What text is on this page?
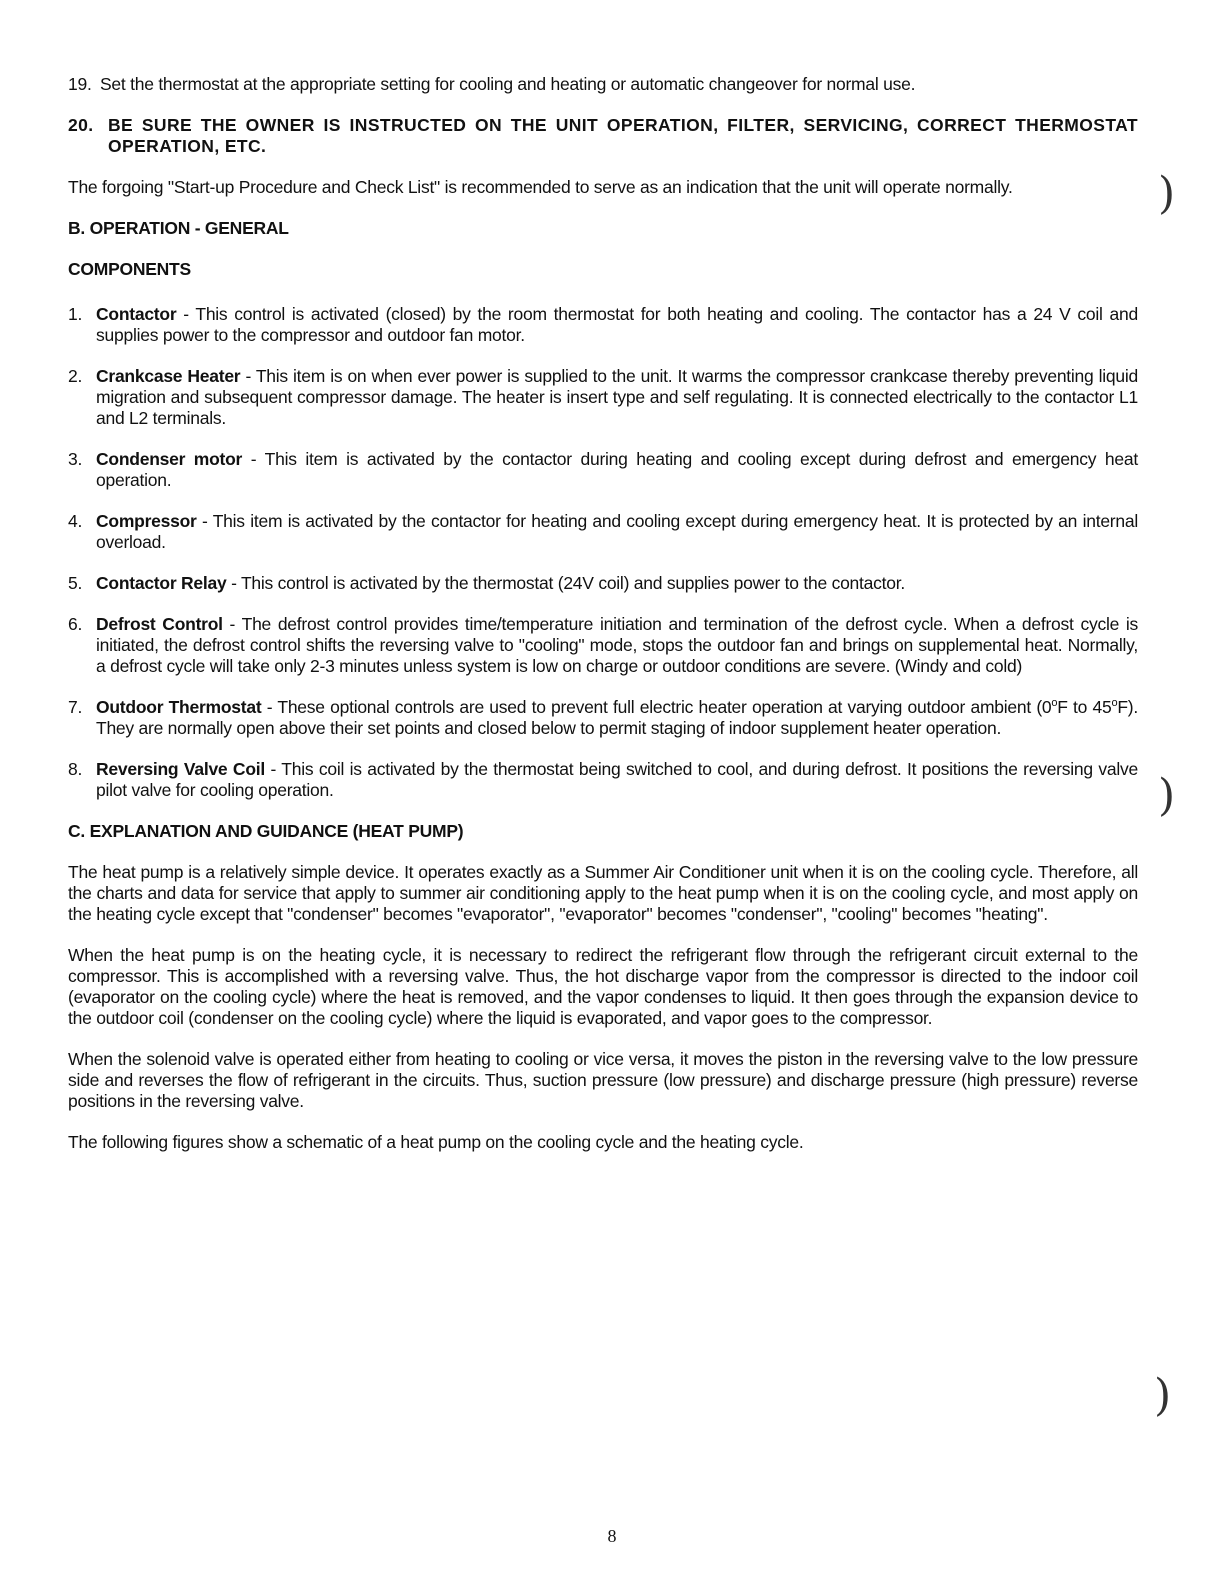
)
)
)
19. Set the thermostat at the appropriate setting for cooling and heating or automatic changeover for normal use.
20. BE SURE THE OWNER IS INSTRUCTED ON THE UNIT OPERATION, FILTER, SERVICING, CORRECT THERMOSTAT OPERATION, ETC.

The forgoing "Start-up Procedure and Check List" is recommended to serve as an indication that the unit will operate normally.

B. OPERATION - GENERAL
COMPONENTS
1. Contactor - This control is activated (closed) by the room thermostat for both heating and cooling. The contactor has a 24 V coil and supplies power to the compressor and outdoor fan motor.
2. Crankcase Heater - This item is on when ever power is supplied to the unit. It warms the compressor crankcase thereby preventing liquid migration and subsequent compressor damage. The heater is insert type and self regulating. It is connected electrically to the contactor L1 and L2 terminals.
3. Condenser motor - This item is activated by the contactor during heating and cooling except during defrost and emergency heat operation.
4. Compressor - This item is activated by the contactor for heating and cooling except during emergency heat. It is protected by an internal overload.
5. Contactor Relay - This control is activated by the thermostat (24V coil) and supplies power to the contactor.
6. Defrost Control - The defrost control provides time/temperature initiation and termination of the defrost cycle. When a defrost cycle is initiated, the defrost control shifts the reversing valve to "cooling" mode, stops the outdoor fan and brings on supplemental heat. Normally, a defrost cycle will take only 2-3 minutes unless system is low on charge or outdoor conditions are severe. (Windy and cold)
7. Outdoor Thermostat - These optional controls are used to prevent full electric heater operation at varying outdoor ambient (0$^o$F to 45$^o$F). They are normally open above their set points and closed below to permit staging of indoor supplement heater operation.
8. Reversing Valve Coil - This coil is activated by the thermostat being switched to cool, and during defrost. It positions the reversing valve pilot valve for cooling operation.
C. EXPLANATION AND GUIDANCE (HEAT PUMP)

The heat pump is a relatively simple device. It operates exactly as a Summer Air Conditioner unit when it is on the cooling cycle. Therefore, all the charts and data for service that apply to summer air conditioning apply to the heat pump when it is on the cooling cycle, and most apply on the heating cycle except that "condenser" becomes "evaporator", "evaporator" becomes "condenser", "cooling" becomes "heating".

When the heat pump is on the heating cycle, it is necessary to redirect the refrigerant flow through the refrigerant circuit external to the compressor. This is accomplished with a reversing valve. Thus, the hot discharge vapor from the compressor is directed to the indoor coil (evaporator on the cooling cycle) where the heat is removed, and the vapor condenses to liquid. It then goes through the expansion device to the outdoor coil (condenser on the cooling cycle) where the liquid is evaporated, and vapor goes to the compressor.

When the solenoid valve is operated either from heating to cooling or vice versa, it moves the piston in the reversing valve to the low pressure side and reverses the flow of refrigerant in the circuits. Thus, suction pressure (low pressure) and discharge pressure (high pressure) reverse positions in the reversing valve.

The following figures show a schematic of a heat pump on the cooling cycle and the heating cycle.

8
